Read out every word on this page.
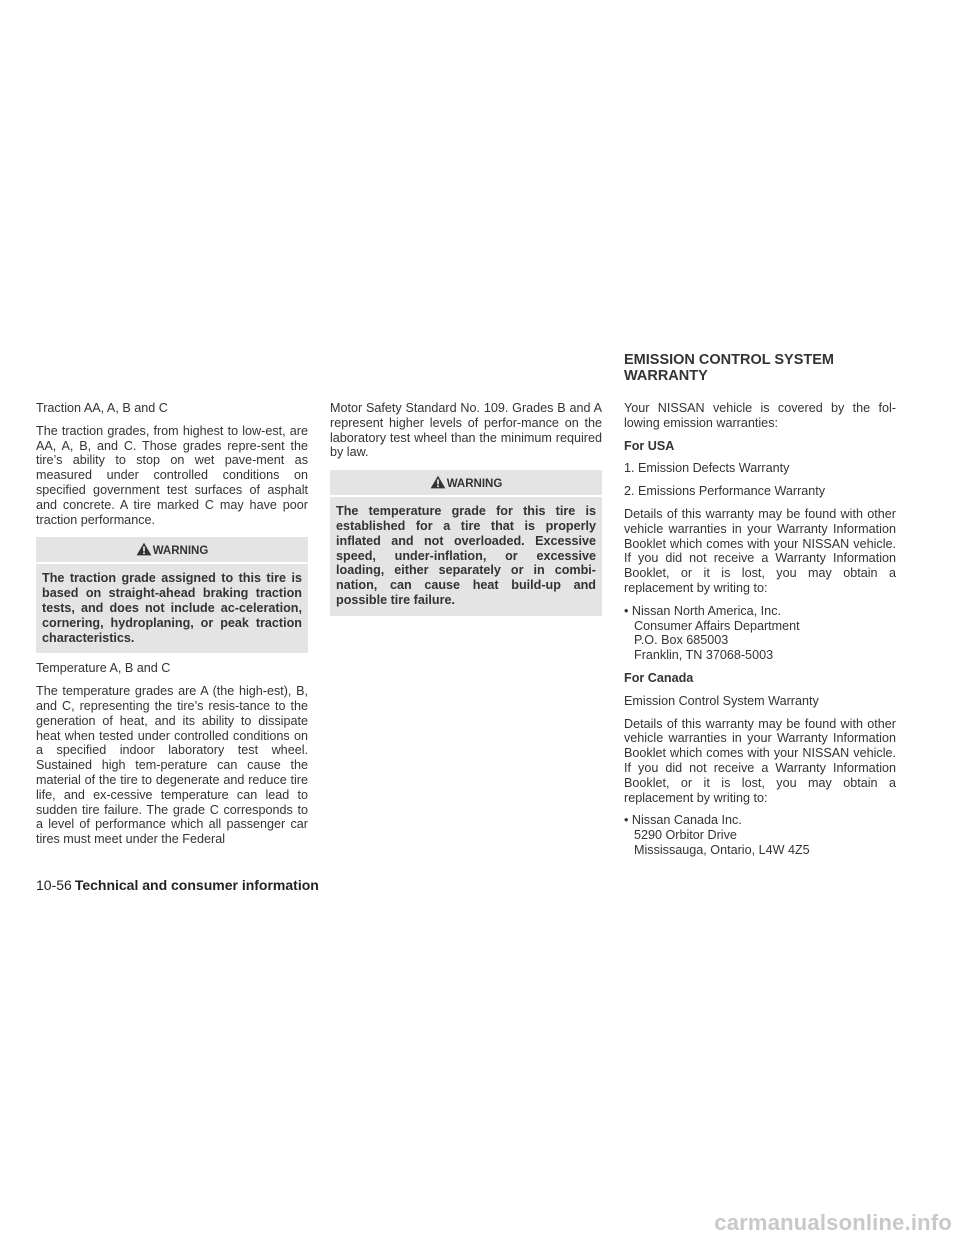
EMISSION CONTROL SYSTEM WARRANTY

Traction AA, A, B and C

The traction grades, from highest to low-est, are AA, A, B, and C. Those grades repre-sent the tire’s ability to stop on wet pave-ment as measured under controlled conditions on specified government test surfaces of asphalt and concrete. A tire marked C may have poor traction performance.

WARNING
The traction grade assigned to this tire is based on straight-ahead braking traction tests, and does not include ac-celeration, cornering, hydroplaning, or peak traction characteristics.

Temperature A, B and C

The temperature grades are A (the high-est), B, and C, representing the tire’s resis-tance to the generation of heat, and its ability to dissipate heat when tested under controlled conditions on a specified indoor laboratory test wheel. Sustained high tem-perature can cause the material of the tire to degenerate and reduce tire life, and ex-cessive temperature can lead to sudden tire failure. The grade C corresponds to a level of performance which all passenger car tires must meet under the Federal

Motor Safety Standard No. 109. Grades B and A represent higher levels of perfor-mance on the laboratory test wheel than the minimum required by law.

WARNING
The temperature grade for this tire is established for a tire that is properly inflated and not overloaded. Excessive speed, under-inflation, or excessive loading, either separately or in combi-nation, can cause heat build-up and possible tire failure.

Your NISSAN vehicle is covered by the fol-lowing emission warranties:

For USA

1. Emission Defects Warranty

2. Emissions Performance Warranty

Details of this warranty may be found with other vehicle warranties in your Warranty Information Booklet which comes with your NISSAN vehicle. If you did not receive a Warranty Information Booklet, or it is lost, you may obtain a replacement by writing to:

• Nissan North America, Inc.
Consumer Affairs Department
P.O. Box 685003
Franklin, TN 37068-5003

For Canada

Emission Control System Warranty

Details of this warranty may be found with other vehicle warranties in your Warranty Information Booklet which comes with your NISSAN vehicle. If you did not receive a Warranty Information Booklet, or it is lost, you may obtain a replacement by writing to:

• Nissan Canada Inc.
5290 Orbitor Drive
Mississauga, Ontario, L4W 4Z5
10-56 Technical and consumer information
carmanualsonline.info
